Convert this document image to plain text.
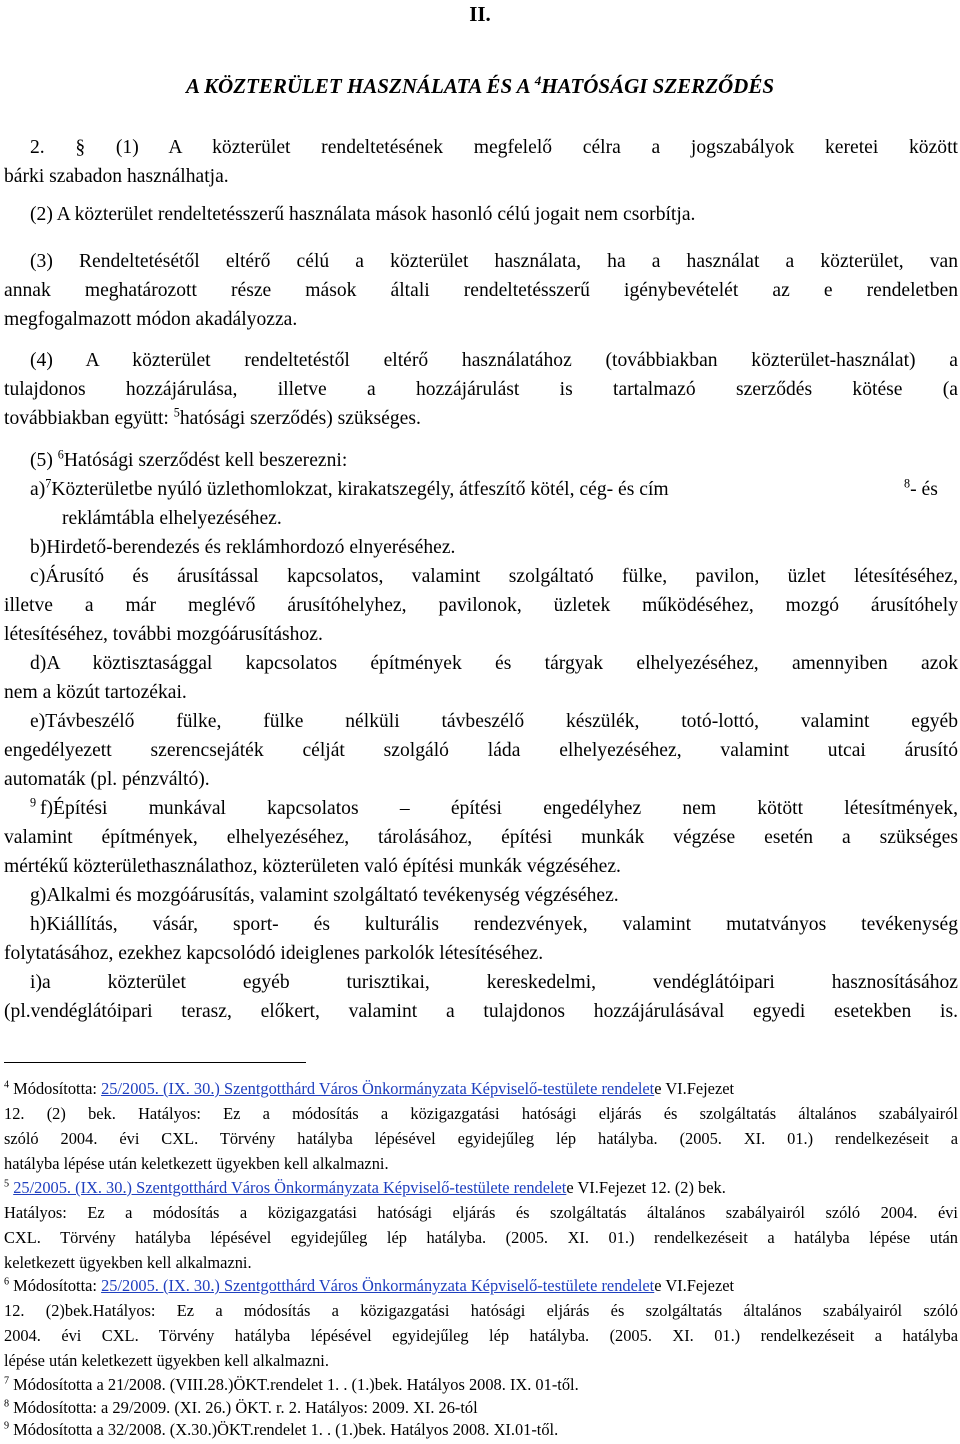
II.
A KÖZTERÜLET HASZNÁLATA ÉS A $^4$HATÓSÁGI SZERZŐDÉS
2. § (1) A közterület rendeltetésének megfelelő célra a jogszabályok keretei között
bárki szabadon használhatja.
(2) A közterület rendeltetésszerű használata mások hasonló célú jogait nem csorbítja.
(3) Rendeltetésétől eltérő célú a közterület használata, ha a használat a közterület, van
annak meghatározott része mások általi rendeltetésszerű igénybevételét az e rendeletben
megfogalmazott módon akadályozza.
(4) A közterület rendeltetéstől eltérő használatához (továbbiakban közterület-használat) a
tulajdonos hozzájárulása, illetve a hozzájárulást is tartalmazó szerződés kötése (a
továbbiakban együtt: $^5$hatósági szerződés) szükséges.
(5) $^6$Hatósági szerződést kell beszerezni:
a)$^7$Közterületbe nyúló üzlethomlokzat, kirakatszegély, átfeszítő kötél, cég- és cím	$^8$- és
reklámtábla elhelyezéséhez.
b)Hirdető-berendezés és reklámhordozó elnyeréséhez.
c)Árusító és árusítással kapcsolatos, valamint szolgáltató fülke, pavilon, üzlet létesítéséhez,
illetve a már meglévő árusítóhelyhez, pavilonok, üzletek működéséhez, mozgó árusítóhely
létesítéséhez, további mozgóárusításhoz.
d)A köztisztasággal kapcsolatos építmények és tárgyak elhelyezéséhez, amennyiben azok
nem a közút tartozékai.
e)Távbeszélő fülke, fülke nélküli távbeszélő készülék, totó-lottó, valamint egyéb
engedélyezett szerencsejáték célját szolgáló láda elhelyezéséhez, valamint utcai árusító
automaták (pl. pénzváltó).
$^9$ f)Építési munkával kapcsolatos – építési engedélyhez nem kötött létesítmények,
valamint építmények, elhelyezéséhez, tárolásához, építési munkák végzése esetén a szükséges
mértékű közterülethasználathoz, közterületen való építési munkák végzéséhez.
g)Alkalmi és mozgóárusítás, valamint szolgáltató tevékenység végzéséhez.
h)Kiállítás, vásár, sport- és kulturális rendezvények, valamint mutatványos tevékenység
folytatásához, ezekhez kapcsolódó ideiglenes parkolók létesítéséhez.
i)a közterület egyéb turisztikai, kereskedelmi, vendéglátóipari hasznosításához
(pl.vendéglátóipari terasz, előkert, valamint a tulajdonos hozzájárulásával egyedi esetekben is.
$^4$ Módosította: 25/2005. (IX. 30.) Szentgotthárd Város Önkormányzata Képviselő-testülete rendelete VI.Fejezet
12. (2) bek. Hatályos: Ez a módosítás a közigazgatási hatósági eljárás és szolgáltatás általános szabályairól
szóló 2004. évi CXL. Törvény hatályba lépésével egyidejűleg lép hatályba. (2005. XI. 01.) rendelkezéseit a
hatályba lépése után keletkezett ügyekben kell alkalmazni.
$^5$ 25/2005. (IX. 30.) Szentgotthárd Város Önkormányzata Képviselő-testülete rendelete VI.Fejezet 12. (2) bek.
Hatályos: Ez a módosítás a közigazgatási hatósági eljárás és szolgáltatás általános szabályairól szóló 2004. évi
CXL. Törvény hatályba lépésével egyidejűleg lép hatályba. (2005. XI. 01.) rendelkezéseit a hatályba lépése után
keletkezett ügyekben kell alkalmazni.
$^6$ Módosította: 25/2005. (IX. 30.) Szentgotthárd Város Önkormányzata Képviselő-testülete rendelete VI.Fejezet
12. (2)bek.Hatályos: Ez a módosítás a közigazgatási hatósági eljárás és szolgáltatás általános szabályairól szóló
2004. évi CXL. Törvény hatályba lépésével egyidejűleg lép hatályba. (2005. XI. 01.) rendelkezéseit a hatályba
lépése után keletkezett ügyekben kell alkalmazni.
$^7$ Módosította a 21/2008. (VIII.28.)ÖKT.rendelet 1. . (1.)bek. Hatályos 2008. IX. 01-től.
$^8$ Módosította: a 29/2009. (XI. 26.) ÖKT. r. 2. Hatályos: 2009. XI. 26-tól
$^9$ Módosította a 32/2008. (X.30.)ÖKT.rendelet 1. . (1.)bek. Hatályos 2008. XI.01-től.
